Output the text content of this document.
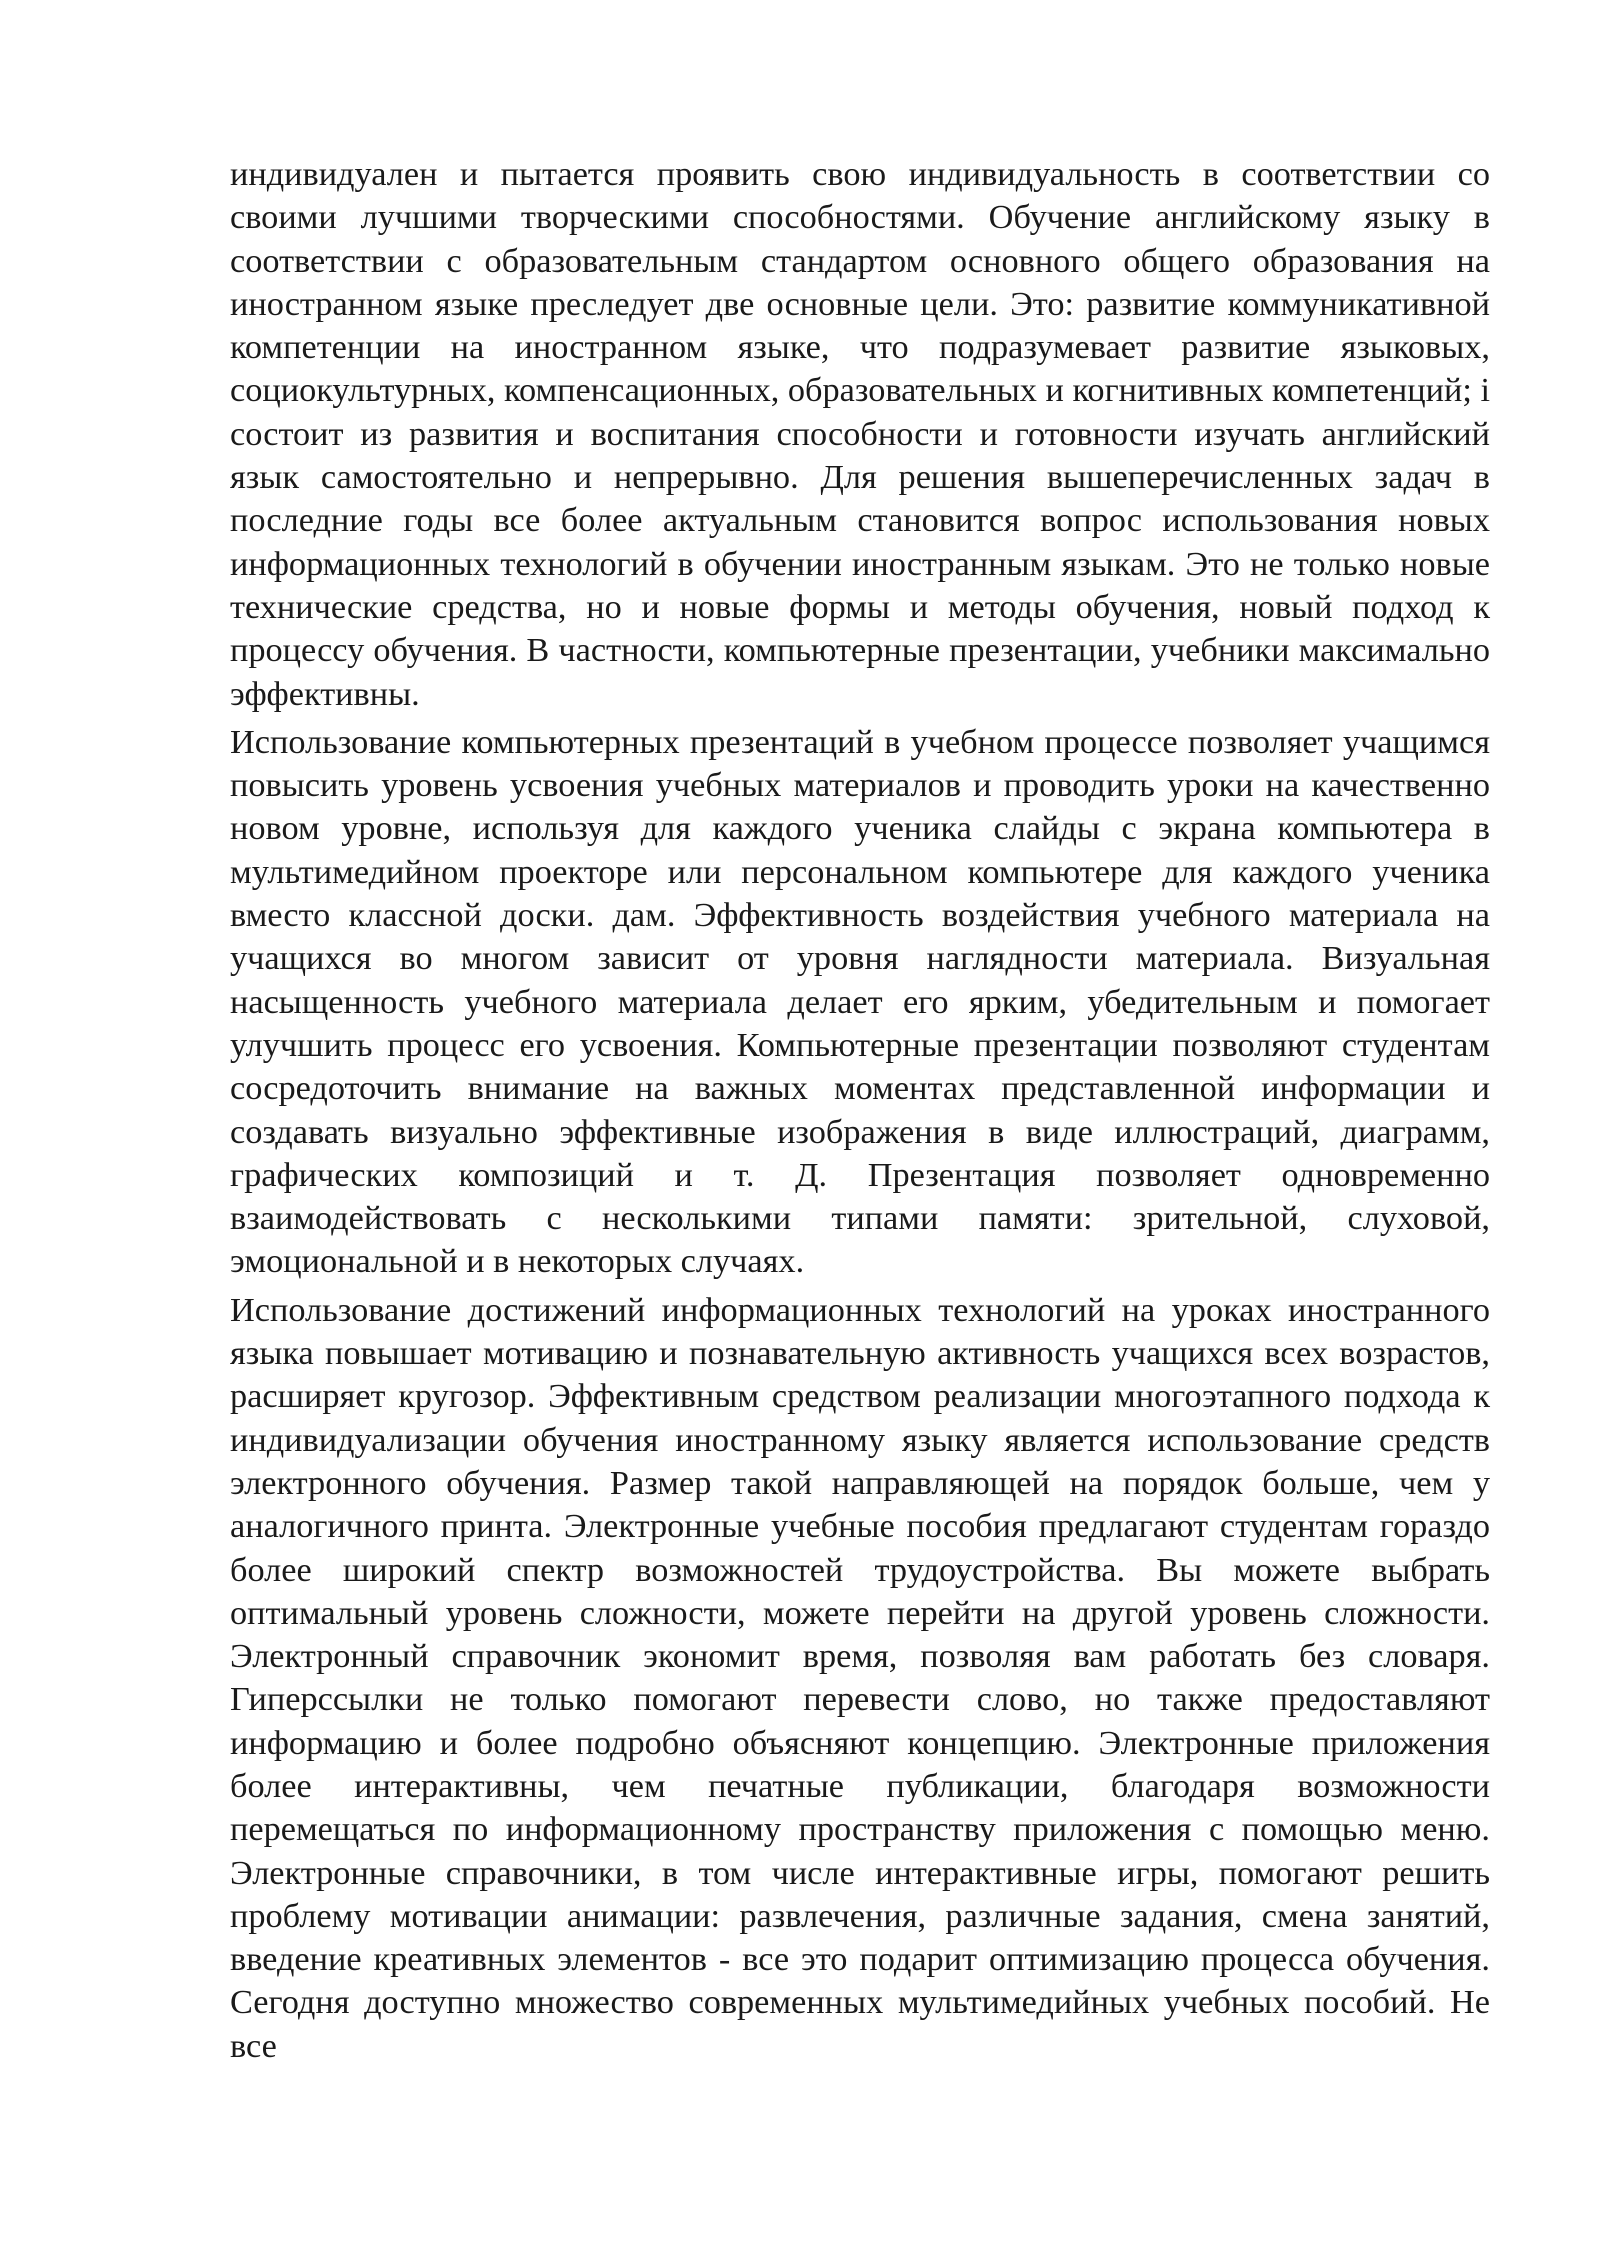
индивидуален и пытается проявить свою индивидуальность в соответствии со своими лучшими творческими способностями. Обучение английскому языку в соответствии с образовательным стандартом основного общего образования на иностранном языке преследует две основные цели. Это: развитие коммуникативной компетенции на иностранном языке, что подразумевает развитие языковых, социокультурных, компенсационных, образовательных и когнитивных компетенций; i состоит из развития и воспитания способности и готовности изучать английский язык самостоятельно и непрерывно. Для решения вышеперечисленных задач в последние годы все более актуальным становится вопрос использования новых информационных технологий в обучении иностранным языкам. Это не только новые технические средства, но и новые формы и методы обучения, новый подход к процессу обучения. В частности, компьютерные презентации, учебники максимально эффективны.

Использование компьютерных презентаций в учебном процессе позволяет учащимся повысить уровень усвоения учебных материалов и проводить уроки на качественно новом уровне, используя для каждого ученика слайды с экрана компьютера в мультимедийном проекторе или персональном компьютере для каждого ученика вместо классной доски. дам. Эффективность воздействия учебного материала на учащихся во многом зависит от уровня наглядности материала. Визуальная насыщенность учебного материала делает его ярким, убедительным и помогает улучшить процесс его усвоения. Компьютерные презентации позволяют студентам сосредоточить внимание на важных моментах представленной информации и создавать визуально эффективные изображения в виде иллюстраций, диаграмм, графических композиций и т. Д. Презентация позволяет одновременно взаимодействовать с несколькими типами памяти: зрительной, слуховой, эмоциональной и в некоторых случаях.

Использование достижений информационных технологий на уроках иностранного языка повышает мотивацию и познавательную активность учащихся всех возрастов, расширяет кругозор. Эффективным средством реализации многоэтапного подхода к индивидуализации обучения иностранному языку является использование средств электронного обучения. Размер такой направляющей на порядок больше, чем у аналогичного принта. Электронные учебные пособия предлагают студентам гораздо более широкий спектр возможностей трудоустройства. Вы можете выбрать оптимальный уровень сложности, можете перейти на другой уровень сложности. Электронный справочник экономит время, позволяя вам работать без словаря. Гиперссылки не только помогают перевести слово, но также предоставляют информацию и более подробно объясняют концепцию. Электронные приложения более интерактивны, чем печатные публикации, благодаря возможности перемещаться по информационному пространству приложения с помощью меню. Электронные справочники, в том числе интерактивные игры, помогают решить проблему мотивации анимации: развлечения, различные задания, смена занятий, введение креативных элементов - все это подарит оптимизацию процесса обучения. Сегодня доступно множество современных мультимедийных учебных пособий. Не все
